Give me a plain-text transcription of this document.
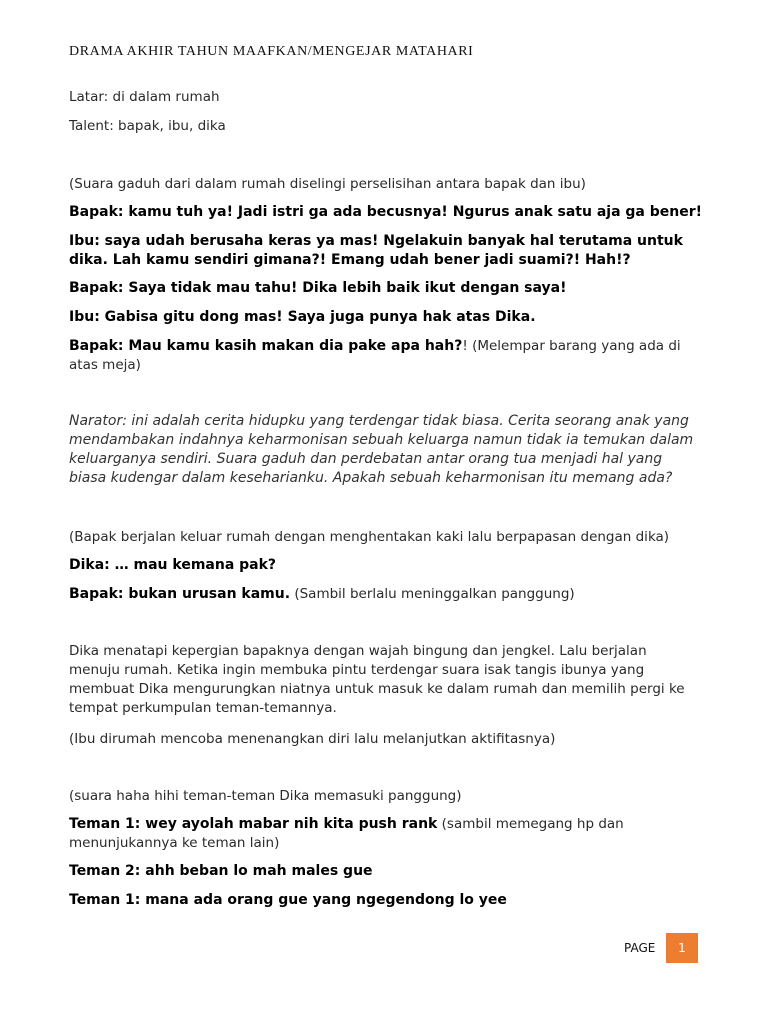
DRAMA AKHIR TAHUN MAAFKAN/MENGEJAR MATAHARI
Latar: di dalam rumah
Talent: bapak, ibu, dika
(Suara gaduh dari dalam rumah diselingi perselisihan antara bapak dan ibu)
Bapak: kamu tuh ya! Jadi istri ga ada becusnya! Ngurus anak satu aja ga bener!
Ibu: saya udah berusaha keras ya mas! Ngelakuin banyak hal terutama untuk dika. Lah kamu sendiri gimana?! Emang udah bener jadi suami?! Hah!?
Bapak: Saya tidak mau tahu! Dika lebih baik ikut dengan saya!
Ibu: Gabisa gitu dong mas! Saya juga punya hak atas Dika.
Bapak: Mau kamu kasih makan dia pake apa hah?! (Melempar barang yang ada di atas meja)
Narator: ini adalah cerita hidupku yang terdengar tidak biasa. Cerita seorang anak yang mendambakan indahnya keharmonisan sebuah keluarga namun tidak ia temukan dalam keluarganya sendiri. Suara gaduh dan perdebatan antar orang tua menjadi hal yang biasa kudengar dalam keseharianku. Apakah sebuah keharmonisan itu memang ada?
(Bapak berjalan keluar rumah dengan menghentakan kaki lalu berpapasan dengan dika)
Dika: … mau kemana pak?
Bapak: bukan urusan kamu. (Sambil berlalu meninggalkan panggung)
Dika menatapi kepergian bapaknya dengan wajah bingung dan jengkel. Lalu berjalan menuju rumah. Ketika ingin membuka pintu terdengar suara isak tangis ibunya yang membuat Dika mengurungkan niatnya untuk masuk ke dalam rumah dan memilih pergi ke tempat perkumpulan teman-temannya.
(Ibu dirumah mencoba menenangkan diri lalu melanjutkan aktifitasnya)
(suara haha hihi teman-teman Dika memasuki panggung)
Teman 1: wey ayolah mabar nih kita push rank (sambil memegang hp dan menunjukannya ke teman lain)
Teman 2: ahh beban lo mah males gue
Teman 1: mana ada orang gue yang ngegendong lo yee
PAGE	1
